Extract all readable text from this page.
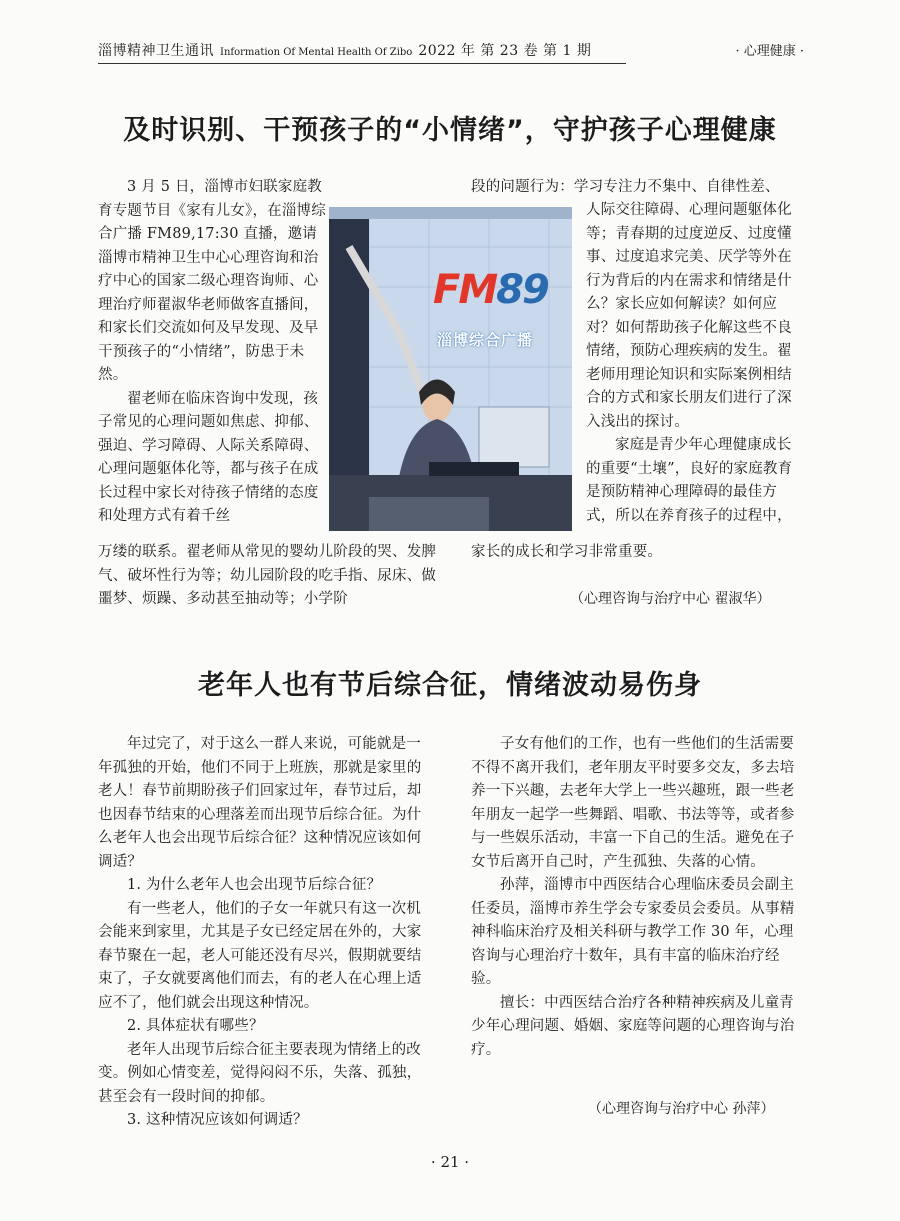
淄博精神卫生通讯 Information Of Mental Health Of Zibo 2022 年 第 23 卷 第 1 期	· 心理健康 ·
及时识别、干预孩子的“小情绪”，守护孩子心理健康

3 月 5 日，淄博市妇联家庭教育专题节目《家有儿女》，在淄博综合广播 FM89,17:30 直播，邀请淄博市精神卫生中心心理咨询和治疗中心的国家二级心理咨询师、心理治疗师翟淑华老师做客直播间，和家长们交流如何及早发现、及早干预孩子的“小情绪”，防患于未然。

翟老师在临床咨询中发现，孩子常见的心理问题如焦虑、抑郁、强迫、学习障碍、人际关系障碍、心理问题躯体化等，都与孩子在成长过程中家长对待孩子情绪的态度和处理方式有着千丝

万缕的联系。翟老师从常见的婴幼儿阶段的哭、发脾气、破坏性行为等；幼儿园阶段的吃手指、尿床、做噩梦、烦躁、多动甚至抽动等；小学阶

FM89
淄博综合广播

段的问题行为：学习专注力不集中、自律性差、

人际交往障碍、心理问题躯体化等；青春期的过度逆反、过度懂事、过度追求完美、厌学等外在行为背后的内在需求和情绪是什么？家长应如何解读？如何应对？如何帮助孩子化解这些不良情绪，预防心理疾病的发生。翟老师用理论知识和实际案例相结合的方式和家长朋友们进行了深入浅出的探讨。

家庭是青少年心理健康成长的重要“土壤”，良好的家庭教育是预防精神心理障碍的最佳方式，所以在养育孩子的过程中，

家长的成长和学习非常重要。

（心理咨询与治疗中心 翟淑华）
老年人也有节后综合征，情绪波动易伤身

年过完了，对于这么一群人来说，可能就是一年孤独的开始，他们不同于上班族，那就是家里的老人！春节前期盼孩子们回家过年，春节过后，却也因春节结束的心理落差而出现节后综合征。为什么老年人也会出现节后综合征？这种情况应该如何调适？

1. 为什么老年人也会出现节后综合征？

有一些老人，他们的子女一年就只有这一次机会能来到家里，尤其是子女已经定居在外的，大家春节聚在一起，老人可能还没有尽兴，假期就要结束了，子女就要离他们而去，有的老人在心理上适应不了，他们就会出现这种情况。

2. 具体症状有哪些？

老年人出现节后综合征主要表现为情绪上的改变。例如心情变差，觉得闷闷不乐，失落、孤独，甚至会有一段时间的抑郁。

3. 这种情况应该如何调适？

子女有他们的工作，也有一些他们的生活需要不得不离开我们，老年朋友平时要多交友，多去培养一下兴趣，去老年大学上一些兴趣班，跟一些老年朋友一起学一些舞蹈、唱歌、书法等等，或者参与一些娱乐活动，丰富一下自己的生活。避免在子女节后离开自己时，产生孤独、失落的心情。

孙萍，淄博市中西医结合心理临床委员会副主任委员，淄博市养生学会专家委员会委员。从事精神科临床治疗及相关科研与教学工作 30 年，心理咨询与心理治疗十数年，具有丰富的临床治疗经验。

擅长：中西医结合治疗各种精神疾病及儿童青少年心理问题、婚姻、家庭等问题的心理咨询与治疗。

（心理咨询与治疗中心 孙萍）
· 21 ·
